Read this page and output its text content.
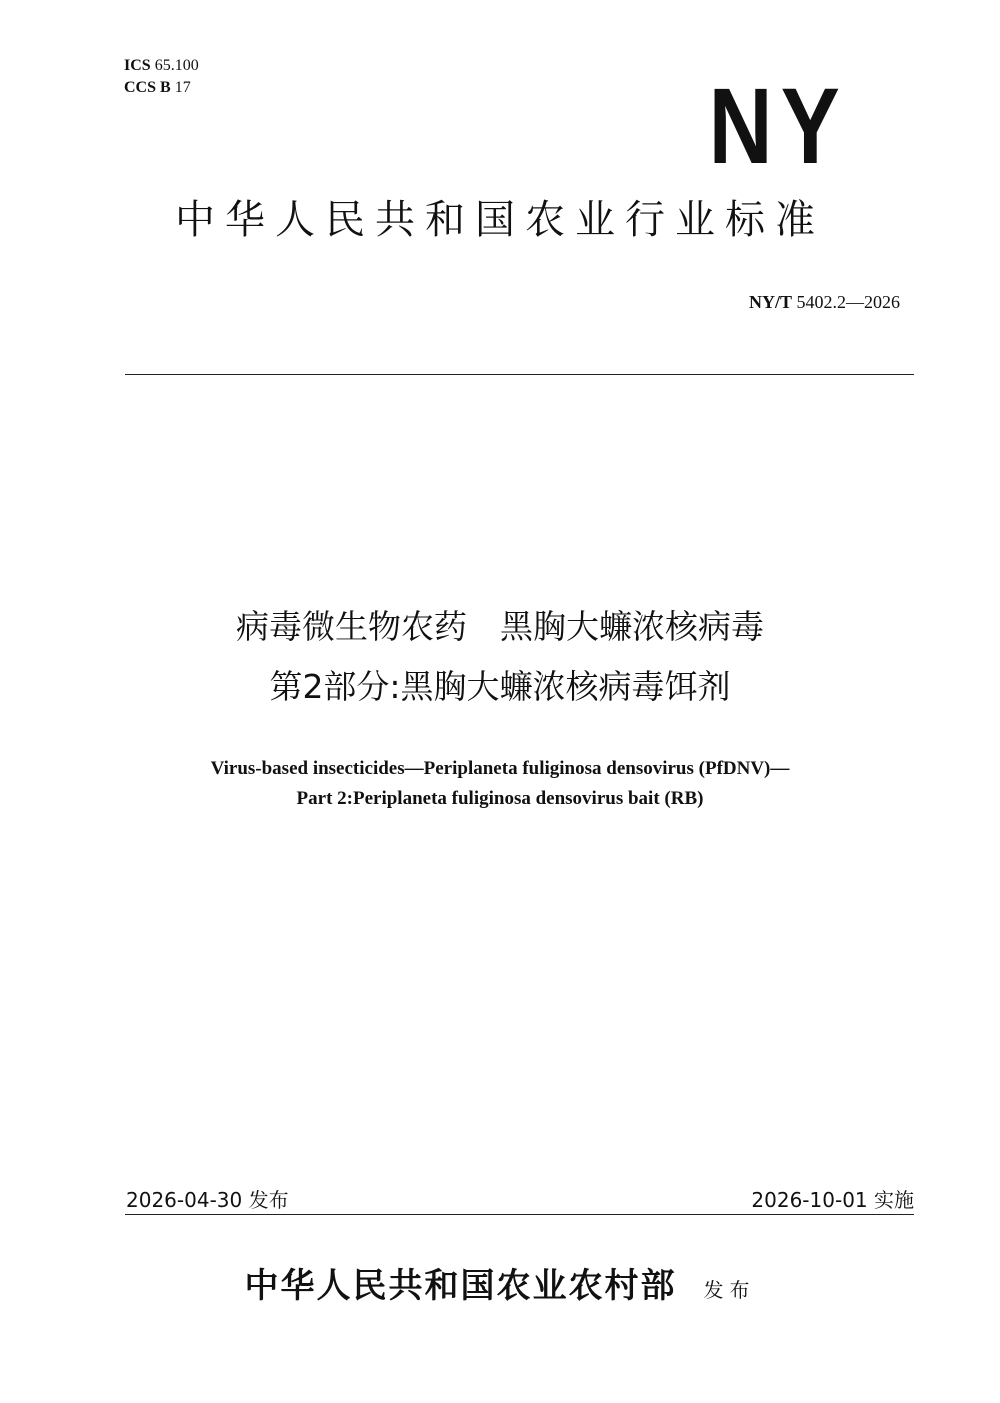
ICS 65.100
CCS B 17	NY
中华人民共和国农业行业标准
NY/T 5402.2—2026
病毒微生物农药　黑胸大蠊浓核病毒
第2部分:黑胸大蠊浓核病毒饵剂
Virus-based insecticides—Periplaneta fuliginosa densovirus (PfDNV)—
Part 2:Periplaneta fuliginosa densovirus bait (RB)
2026-04-30 发布	2026-10-01 实施
中华人民共和国农业农村部 发布
